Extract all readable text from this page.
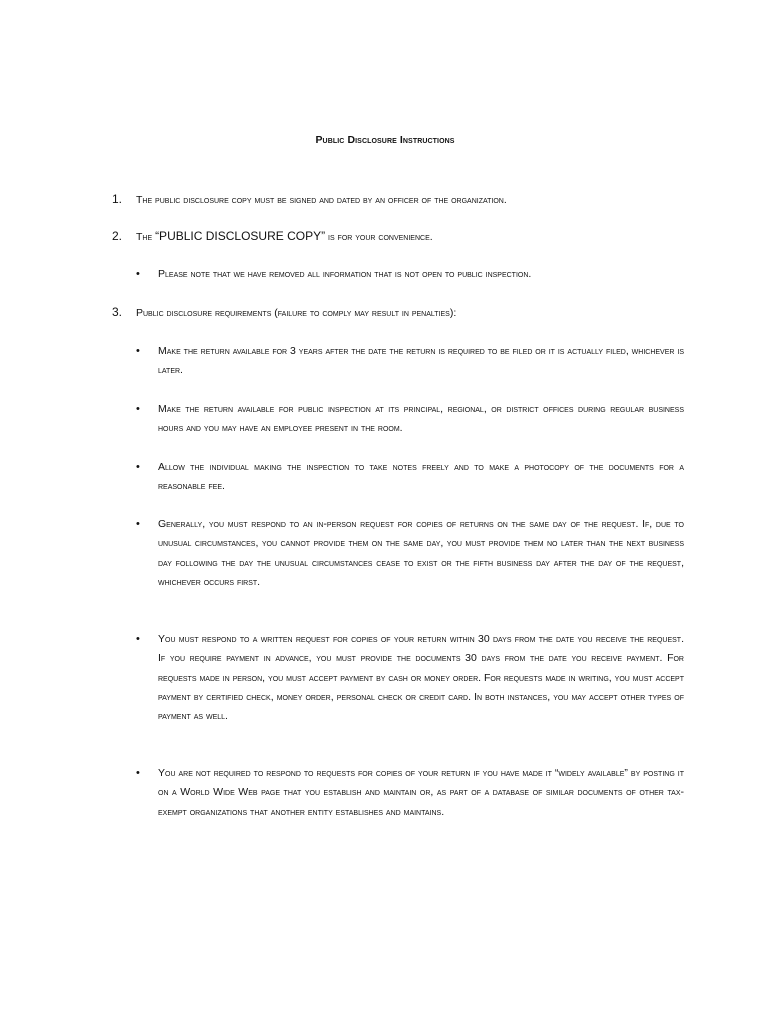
Public Disclosure Instructions
1. The public disclosure copy must be signed and dated by an officer of the organization.
2. The “PUBLIC DISCLOSURE COPY” is for your convenience.
• Please note that we have removed all information that is not open to public inspection.
3. Public disclosure requirements (failure to comply may result in penalties):
• Make the return available for 3 years after the date the return is required to be filed or it is actually filed, whichever is later.
• Make the return available for public inspection at its principal, regional, or district offices during regular business hours and you may have an employee present in the room.
• Allow the individual making the inspection to take notes freely and to make a photocopy of the documents for a reasonable fee.
• Generally, you must respond to an in-person request for copies of returns on the same day of the request. If, due to unusual circumstances, you cannot provide them on the same day, you must provide them no later than the next business day following the day the unusual circumstances cease to exist or the fifth business day after the day of the request, whichever occurs first.
• You must respond to a written request for copies of your return within 30 days from the date you receive the request. If you require payment in advance, you must provide the documents 30 days from the date you receive payment. For requests made in person, you must accept payment by cash or money order. For requests made in writing, you must accept payment by certified check, money order, personal check or credit card. In both instances, you may accept other types of payment as well.
• You are not required to respond to requests for copies of your return if you have made it “widely available” by posting it on a World Wide Web page that you establish and maintain or, as part of a database of similar documents of other tax-exempt organizations that another entity establishes and maintains.
